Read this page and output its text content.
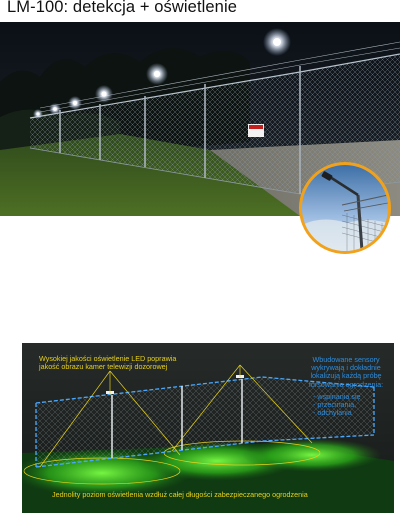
LM-100: detekcja + oświetlenie
Wysokiej jakości oświetlenie LED poprawia
jakość obrazu kamer telewizji dozorowej
Wbudowane sensory
wykrywają i dokładnie
lokalizują każdą próbę
forsowania ogrodzenia:
- wspinania się
- przecinania,
- odchylania
Jednolity poziom oświetlenia wzdłuż całej długości zabezpieczanego ogrodzenia
